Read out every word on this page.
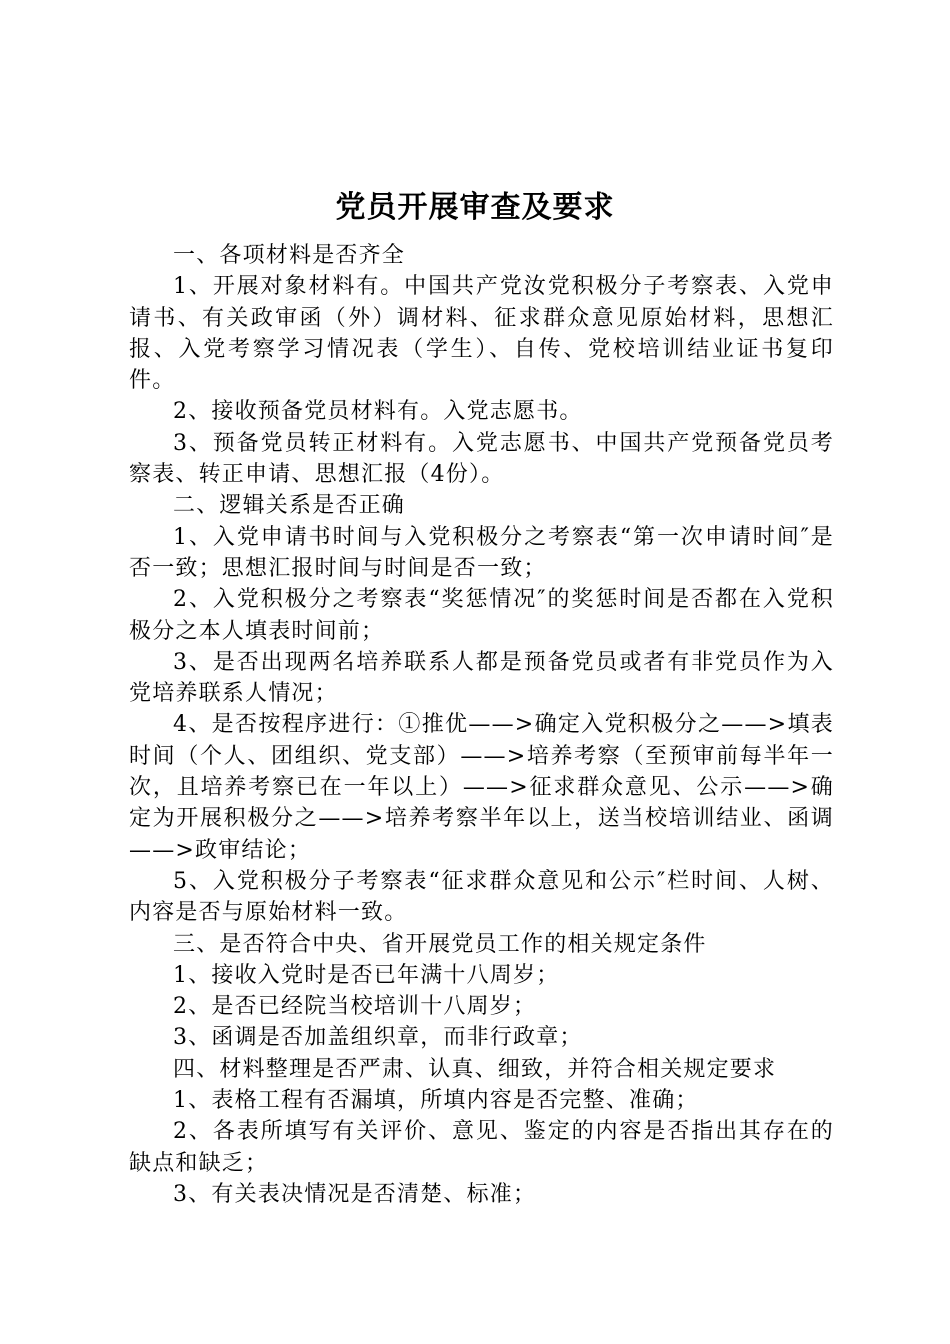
党员开展审查及要求

一、各项材料是否齐全

1、开展对象材料有。中国共产党汝党积极分子考察表、入党申请书、有关政审函（外）调材料、征求群众意见原始材料，思想汇报、入党考察学习情况表（学生）、自传、党校培训结业证书复印件。

2、接收预备党员材料有。入党志愿书。

3、预备党员转正材料有。入党志愿书、中国共产党预备党员考察表、转正申请、思想汇报（4份）。

二、逻辑关系是否正确

1、入党申请书时间与入党积极分之考察表“第一次申请时间″是否一致；思想汇报时间与时间是否一致；

2、入党积极分之考察表“奖惩情况″的奖惩时间是否都在入党积极分之本人填表时间前；

3、是否出现两名培养联系人都是预备党员或者有非党员作为入党培养联系人情况；

4、是否按程序进行：①推优——>确定入党积极分之——>填表时间（个人、团组织、党支部）——>培养考察（至预审前每半年一次，且培养考察已在一年以上）——>征求群众意见、公示——>确定为开展积极分之——>培养考察半年以上，送当校培训结业、函调——>政审结论；

5、入党积极分子考察表“征求群众意见和公示″栏时间、人树、内容是否与原始材料一致。

三、是否符合中央、省开展党员工作的相关规定条件

1、接收入党时是否已年满十八周岁；

2、是否已经院当校培训十八周岁；

3、函调是否加盖组织章，而非行政章；

四、材料整理是否严肃、认真、细致，并符合相关规定要求

1、表格工程有否漏填，所填内容是否完整、准确；

2、各表所填写有关评价、意见、鉴定的内容是否指出其存在的缺点和缺乏；

3、有关表决情况是否清楚、标准；
